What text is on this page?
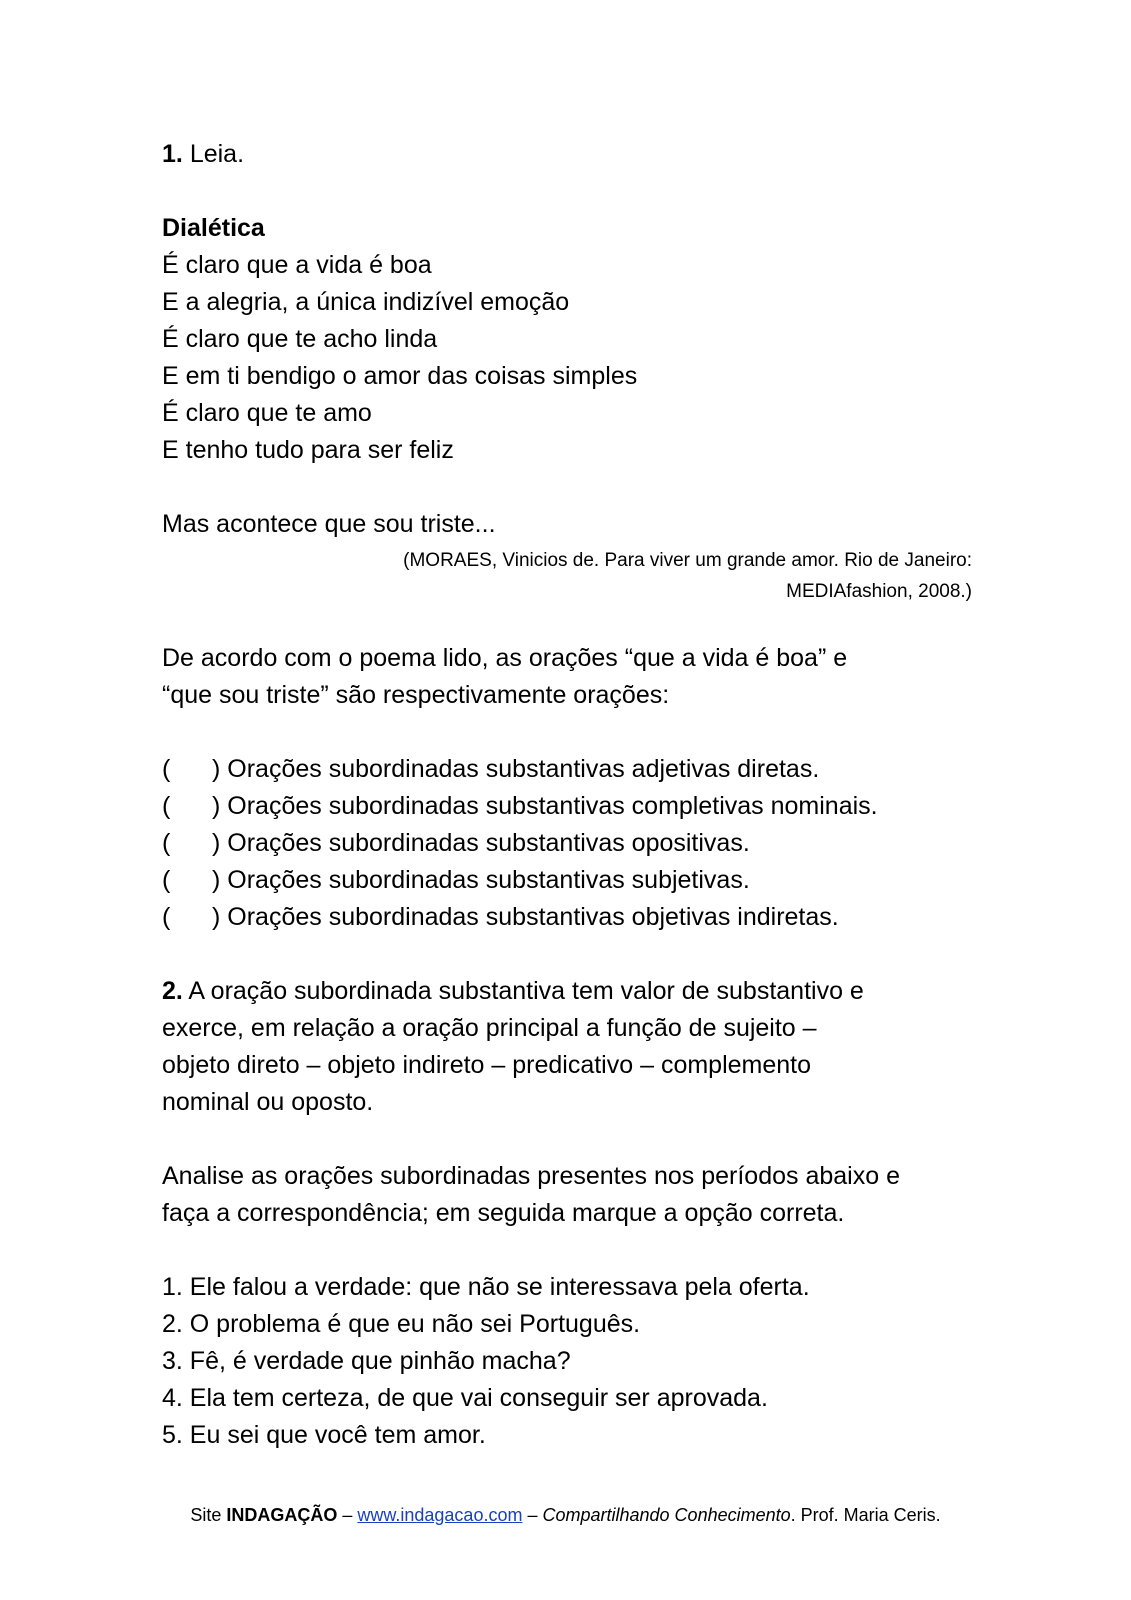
1. Leia.
Dialética
É claro que a vida é boa
E a alegria, a única indizível emoção
É claro que te acho linda
E em ti bendigo o amor das coisas simples
É claro que te amo
E tenho tudo para ser feliz
Mas acontece que sou triste...
(MORAES, Vinicios de. Para viver um grande amor. Rio de Janeiro:
MEDIAfashion, 2008.)
De acordo com o poema lido, as orações “que a vida é boa” e
“que sou triste” são respectivamente orações:
(	) Orações subordinadas substantivas adjetivas diretas.
(	) Orações subordinadas substantivas completivas nominais.
(	) Orações subordinadas substantivas opositivas.
(	) Orações subordinadas substantivas subjetivas.
(	) Orações subordinadas substantivas objetivas indiretas.
2. A oração subordinada substantiva tem valor de substantivo e
exerce, em relação a oração principal a função de sujeito –
objeto direto – objeto indireto – predicativo – complemento
nominal ou oposto.
Analise as orações subordinadas presentes nos períodos abaixo e
faça a correspondência; em seguida marque a opção correta.
1. Ele falou a verdade: que não se interessava pela oferta.
2. O problema é que eu não sei Português.
3. Fê, é verdade que pinhão macha?
4. Ela tem certeza, de que vai conseguir ser aprovada.
5. Eu sei que você tem amor.
Site INDAGAÇÃO – www.indagacao.com – Compartilhando Conhecimento. Prof. Maria Ceris.
